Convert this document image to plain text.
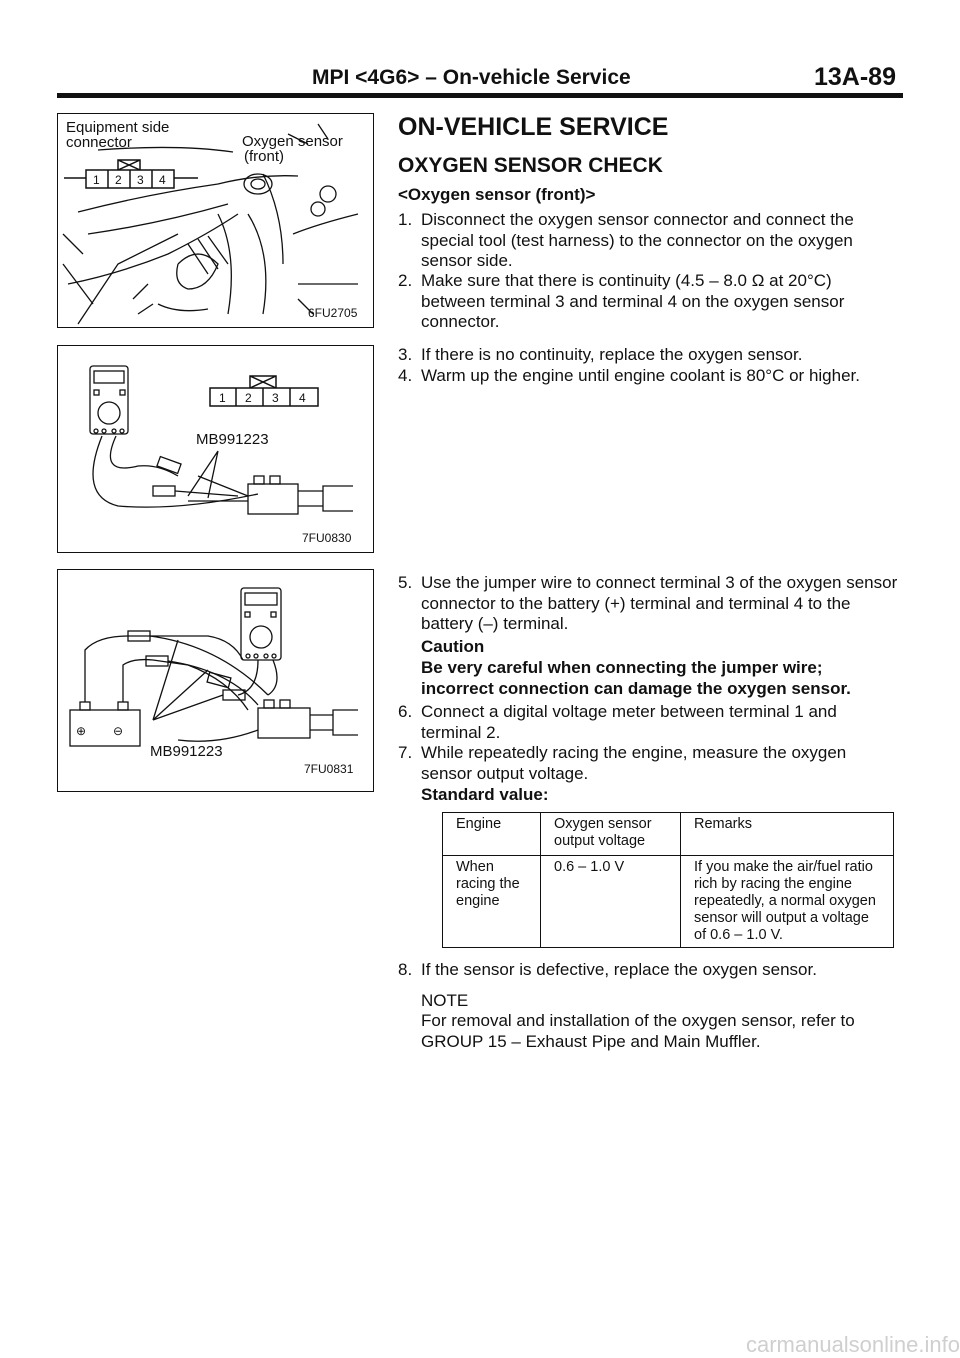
MPI <4G6> – On-vehicle Service	13A-89
Equipment side
connector	Oxygen sensor
(front)
1 2 3 4
6FU2705
1 2 3 4
MB991223
7FU0830
⊕ ⊖
MB991223
7FU0831
ON-VEHICLE SERVICE
OXYGEN SENSOR CHECK
<Oxygen sensor (front)>
1. Disconnect the oxygen sensor connector and connect the special tool (test harness) to the connector on the oxygen sensor side.
2. Make sure that there is continuity (4.5 – 8.0 Ω at 20°C) between terminal 3 and terminal 4 on the oxygen sensor connector.
3. If there is no continuity, replace the oxygen sensor.
4. Warm up the engine until engine coolant is 80°C or higher.
5. Use the jumper wire to connect terminal 3 of the oxygen sensor connector to the battery (+) terminal and terminal 4 to the battery (–) terminal.
Caution
Be very careful when connecting the jumper wire; incorrect connection can damage the oxygen sensor.
6. Connect a digital voltage meter between terminal 1 and terminal 2.
7. While repeatedly racing the engine, measure the oxygen sensor output voltage.
Standard value:
Engine	Oxygen sensor output voltage	Remarks
When racing the engine	0.6 – 1.0 V	If you make the air/fuel ratio rich by racing the engine repeatedly, a normal oxygen sensor will output a voltage of 0.6 – 1.0 V.
8. If the sensor is defective, replace the oxygen sensor.
NOTE
For removal and installation of the oxygen sensor, refer to GROUP 15 – Exhaust Pipe and Main Muffler.
carmanualsonline.info
